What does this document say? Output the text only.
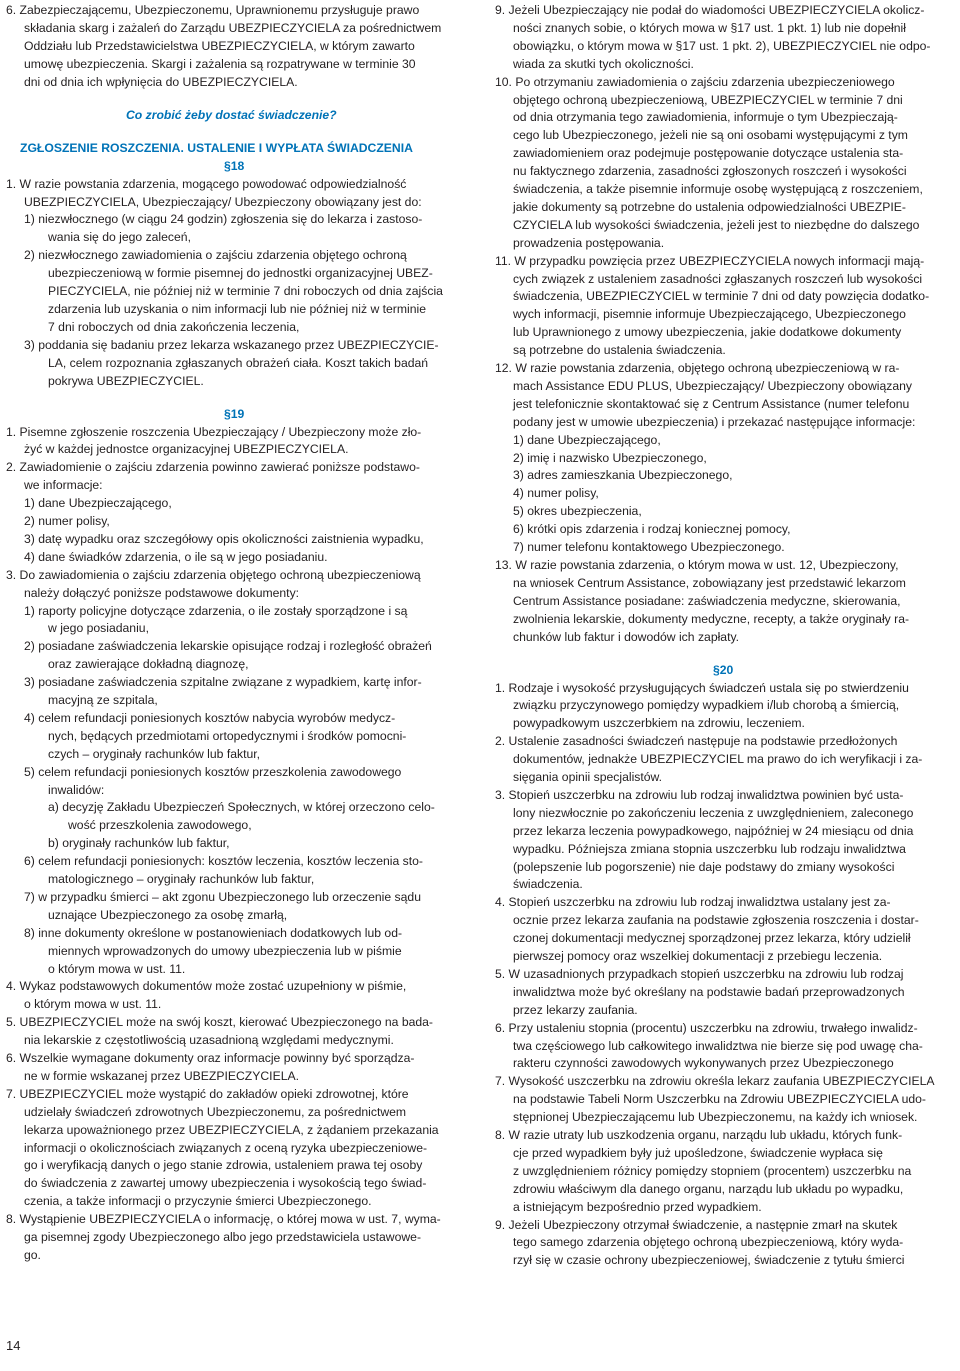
6. Zabezpieczającemu, Ubezpieczonemu, Uprawnionemu przysługuje prawo
składania skarg i zażaleń do Zarządu UBEZPIECZYCIELA za pośrednictwem
Oddziału lub Przedstawicielstwa UBEZPIECZYCIELA, w którym zawarto
umowę ubezpieczenia. Skargi i zażalenia są rozpatrywane w terminie 30
dni od dnia ich wpłynięcia do UBEZPIECZYCIELA.
Co zrobić żeby dostać świadczenie?
ZGŁOSZENIE ROSZCZENIA. USTALENIE I WYPŁATA ŚWIADCZENIA
§18
1. W razie powstania zdarzenia, mogącego powodować odpowiedzialność
UBEZPIECZYCIELA, Ubezpieczający/ Ubezpieczony obowiązany jest do:
1) niezwłocznego (w ciągu 24 godzin) zgłoszenia się do lekarza i zastoso-
wania się do jego zaleceń,
2) niezwłocznego zawiadomienia o zajściu zdarzenia objętego ochroną
ubezpieczeniową w formie pisemnej do jednostki organizacyjnej UBEZ-
PIECZYCIELA, nie później niż w terminie 7 dni roboczych od dnia zajścia
zdarzenia lub uzyskania o nim informacji lub nie później niż w terminie
7 dni roboczych od dnia zakończenia leczenia,
3) poddania się badaniu przez lekarza wskazanego przez UBEZPIECZYCIE-
LA, celem rozpoznania zgłaszanych obrażeń ciała. Koszt takich badań
pokrywa UBEZPIECZYCIEL.
§19
1. Pisemne zgłoszenie roszczenia Ubezpieczający / Ubezpieczony może zło-
żyć w każdej jednostce organizacyjnej UBEZPIECZYCIELA.
2. Zawiadomienie o zajściu zdarzenia powinno zawierać poniższe podstawo-
we informacje:
1) dane Ubezpieczającego,
2) numer polisy,
3) datę wypadku oraz szczegółowy opis okoliczności zaistnienia wypadku,
4) dane świadków zdarzenia, o ile są w jego posiadaniu.
3. Do zawiadomienia o zajściu zdarzenia objętego ochroną ubezpieczeniową
należy dołączyć poniższe podstawowe dokumenty:
1) raporty policyjne dotyczące zdarzenia, o ile zostały sporządzone i są
w jego posiadaniu,
2) posiadane zaświadczenia lekarskie opisujące rodzaj i rozległość obrażeń
oraz zawierające dokładną diagnozę,
3) posiadane zaświadczenia szpitalne związane z wypadkiem, kartę infor-
macyjną ze szpitala,
4) celem refundacji poniesionych kosztów nabycia wyrobów medycz-
nych, będących przedmiotami ortopedycznymi i środków pomocni-
czych – oryginały rachunków lub faktur,
5) celem refundacji poniesionych kosztów przeszkolenia zawodowego
inwalidów:
a) decyzję Zakładu Ubezpieczeń Społecznych, w której orzeczono celo-
wość przeszkolenia zawodowego,
b) oryginały rachunków lub faktur,
6) celem refundacji poniesionych: kosztów leczenia, kosztów leczenia sto-
matologicznego – oryginały rachunków lub faktur,
7) w przypadku śmierci – akt zgonu Ubezpieczonego lub orzeczenie sądu
uznające Ubezpieczonego za osobę zmarłą,
8) inne dokumenty określone w postanowieniach dodatkowych lub od-
miennych wprowadzonych do umowy ubezpieczenia lub w piśmie
o którym mowa w ust. 11.
4. Wykaz podstawowych dokumentów może zostać uzupełniony w piśmie,
o którym mowa w ust. 11.
5. UBEZPIECZYCIEL może na swój koszt, kierować Ubezpieczonego na bada-
nia lekarskie z częstotliwością uzasadnioną względami medycznymi.
6. Wszelkie wymagane dokumenty oraz informacje powinny być sporządza-
ne w formie wskazanej przez UBEZPIECZYCIELA.
7. UBEZPIECZYCIEL może wystąpić do zakładów opieki zdrowotnej, które
udzielały świadczeń zdrowotnych Ubezpieczonemu, za pośrednictwem
lekarza upoważnionego przez UBEZPIECZYCIELA, z żądaniem przekazania
informacji o okolicznościach związanych z oceną ryzyka ubezpieczeniowe-
go i weryfikacją danych o jego stanie zdrowia, ustaleniem prawa tej osoby
do świadczenia z zawartej umowy ubezpieczenia i wysokością tego świad-
czenia, a także informacji o przyczynie śmierci Ubezpieczonego.
8. Wystąpienie UBEZPIECZYCIELA o informację, o której mowa w ust. 7, wyma-
ga pisemnej zgody Ubezpieczonego albo jego przedstawiciela ustawowe-
go.
9. Jeżeli Ubezpieczający nie podał do wiadomości UBEZPIECZYCIELA okolicz-
ności znanych sobie, o których mowa w §17 ust. 1 pkt. 1) lub nie dopełnił
obowiązku, o którym mowa w §17 ust. 1 pkt. 2), UBEZPIECZYCIEL nie odpo-
wiada za skutki tych okoliczności.
10. Po otrzymaniu zawiadomienia o zajściu zdarzenia ubezpieczeniowego
objętego ochroną ubezpieczeniową, UBEZPIECZYCIEL w terminie 7 dni
od dnia otrzymania tego zawiadomienia, informuje o tym Ubezpieczają-
cego lub Ubezpieczonego, jeżeli nie są oni osobami występującymi z tym
zawiadomieniem oraz podejmuje postępowanie dotyczące ustalenia sta-
nu faktycznego zdarzenia, zasadności zgłoszonych roszczeń i wysokości
świadczenia, a także pisemnie informuje osobę występującą z roszczeniem,
jakie dokumenty są potrzebne do ustalenia odpowiedzialności UBEZPIE-
CZYCIELA lub wysokości świadczenia, jeżeli jest to niezbędne do dalszego
prowadzenia postępowania.
11. W przypadku powzięcia przez UBEZPIECZYCIELA nowych informacji mają-
cych związek z ustaleniem zasadności zgłaszanych roszczeń lub wysokości
świadczenia, UBEZPIECZYCIEL w terminie 7 dni od daty powzięcia dodatko-
wych informacji, pisemnie informuje Ubezpieczającego, Ubezpieczonego
lub Uprawnionego z umowy ubezpieczenia, jakie dodatkowe dokumenty
są potrzebne do ustalenia świadczenia.
12. W razie powstania zdarzenia, objętego ochroną ubezpieczeniową w ra-
mach Assistance EDU PLUS, Ubezpieczający/ Ubezpieczony obowiązany
jest telefonicznie skontaktować się z Centrum Assistance (numer telefonu
podany jest w umowie ubezpieczenia) i przekazać następujące informacje:
1) dane Ubezpieczającego,
2) imię i nazwisko Ubezpieczonego,
3) adres zamieszkania Ubezpieczonego,
4) numer polisy,
5) okres ubezpieczenia,
6) krótki opis zdarzenia i rodzaj koniecznej pomocy,
7) numer telefonu kontaktowego Ubezpieczonego.
13. W razie powstania zdarzenia, o którym mowa w ust. 12, Ubezpieczony,
na wniosek Centrum Assistance, zobowiązany jest przedstawić lekarzom
Centrum Assistance posiadane: zaświadczenia medyczne, skierowania,
zwolnienia lekarskie, dokumenty medyczne, recepty, a także oryginały ra-
chunków lub faktur i dowodów ich zapłaty.
§20
1. Rodzaje i wysokość przysługujących świadczeń ustala się po stwierdzeniu
związku przyczynowego pomiędzy wypadkiem i/lub chorobą a śmiercią,
powypadkowym uszczerbkiem na zdrowiu, leczeniem.
2. Ustalenie zasadności świadczeń następuje na podstawie przedłożonych
dokumentów, jednakże UBEZPIECZYCIEL ma prawo do ich weryfikacji i za-
sięgania opinii specjalistów.
3. Stopień uszczerbku na zdrowiu lub rodzaj inwalidztwa powinien być usta-
lony niezwłocznie po zakończeniu leczenia z uwzględnieniem, zaleconego
przez lekarza leczenia powypadkowego, najpóźniej w 24 miesiącu od dnia
wypadku. Późniejsza zmiana stopnia uszczerbku lub rodzaju inwalidztwa
(polepszenie lub pogorszenie) nie daje podstawy do zmiany wysokości
świadczenia.
4. Stopień uszczerbku na zdrowiu lub rodzaj inwalidztwa ustalany jest za-
ocznie przez lekarza zaufania na podstawie zgłoszenia roszczenia i dostar-
czonej dokumentacji medycznej sporządzonej przez lekarza, który udzielił
pierwszej pomocy oraz wszelkiej dokumentacji z przebiegu leczenia.
5. W uzasadnionych przypadkach stopień uszczerbku na zdrowiu lub rodzaj
inwalidztwa może być określany na podstawie badań przeprowadzonych
przez lekarzy zaufania.
6. Przy ustaleniu stopnia (procentu) uszczerbku na zdrowiu, trwałego inwalidz-
twa częściowego lub całkowitego inwalidztwa nie bierze się pod uwagę cha-
rakteru czynności zawodowych wykonywanych przez Ubezpieczonego
7. Wysokość uszczerbku na zdrowiu określa lekarz zaufania UBEZPIECZYCIELA
na podstawie Tabeli Norm Uszczerbku na Zdrowiu UBEZPIECZYCIELA udo-
stępnionej Ubezpieczającemu lub Ubezpieczonemu, na każdy ich wniosek.
8. W razie utraty lub uszkodzenia organu, narządu lub układu, których funk-
cje przed wypadkiem były już upośledzone, świadczenie wypłaca się
z uwzględnieniem różnicy pomiędzy stopniem (procentem) uszczerbku na
zdrowiu właściwym dla danego organu, narządu lub układu po wypadku,
a istniejącym bezpośrednio przed wypadkiem.
9. Jeżeli Ubezpieczony otrzymał świadczenie, a następnie zmarł na skutek
tego samego zdarzenia objętego ochroną ubezpieczeniową, który wyda-
rzył się w czasie ochrony ubezpieczeniowej, świadczenie z tytułu śmierci
14
